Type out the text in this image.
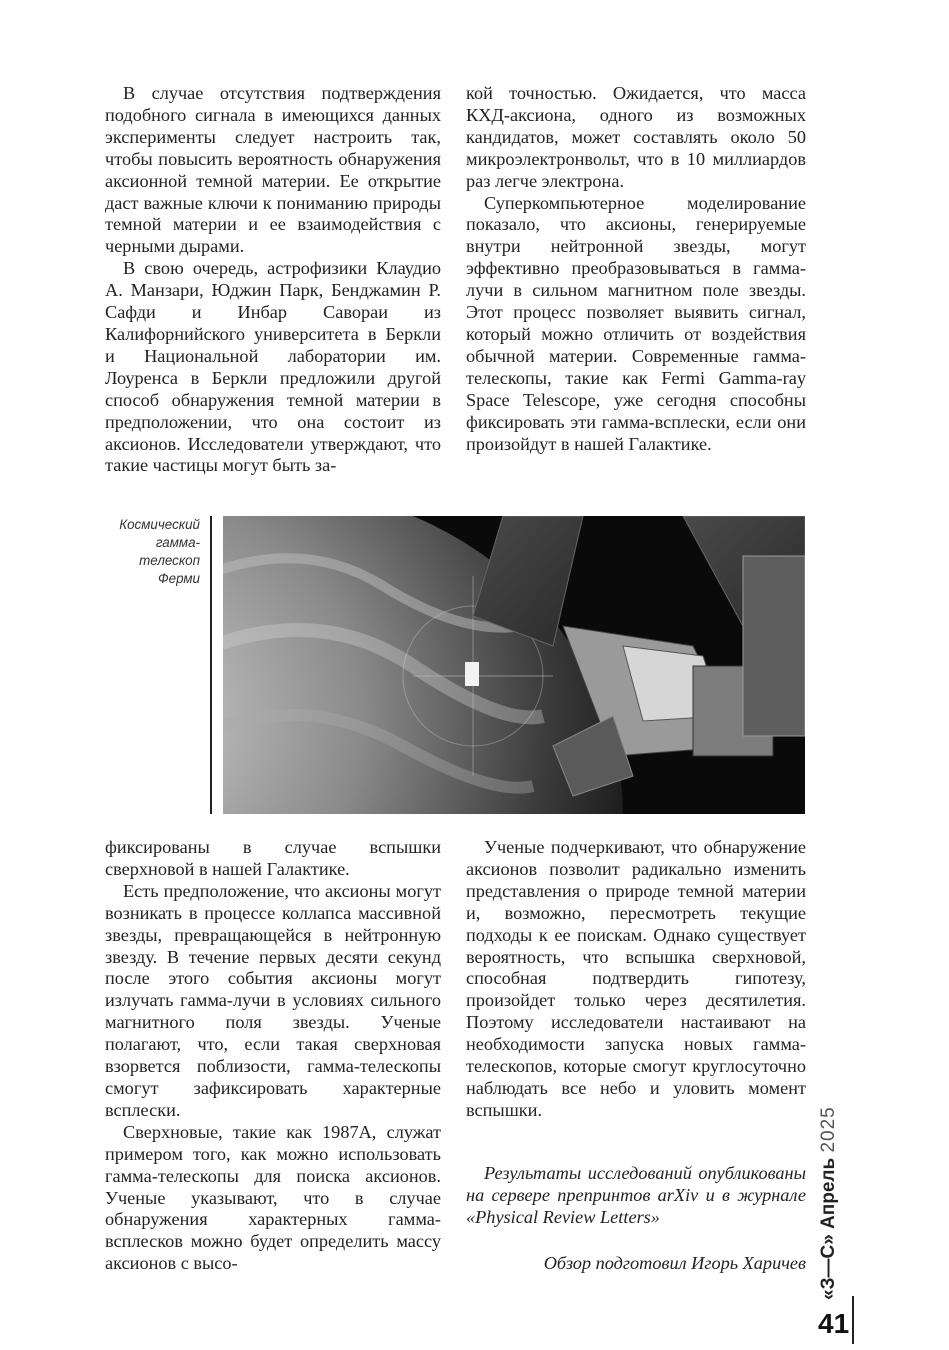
В случае отсутствия подтверждения подобного сигнала в имеющихся данных эксперименты следует настроить так, чтобы повысить вероятность обнаружения аксионной темной материи. Ее открытие даст важные ключи к пониманию природы темной материи и ее взаимодействия с черными дырами.

В свою очередь, астрофизики Клаудио А. Манзари, Юджин Парк, Бенджамин Р. Сафди и Инбар Савораи из Калифорнийского университета в Беркли и Национальной лаборатории им. Лоуренса в Беркли предложили другой способ обнаружения темной материи в предположении, что она состоит из аксионов. Исследователи утверждают, что такие частицы могут быть за-

кой точностью. Ожидается, что масса КХД-аксиона, одного из возможных кандидатов, может составлять около 50 микроэлектронвольт, что в 10 миллиардов раз легче электрона.

Суперкомпьютерное моделирование показало, что аксионы, генерируемые внутри нейтронной звезды, могут эффективно преобразовываться в гамма-лучи в сильном магнитном поле звезды. Этот процесс позволяет выявить сигнал, который можно отличить от воздействия обычной материи. Современные гамма-телескопы, такие как Fermi Gamma-ray Space Telescope, уже сегодня способны фиксировать эти гамма-всплески, если они произойдут в нашей Галактике.

Космический гамма-телескоп Ферми

фиксированы в случае вспышки сверхновой в нашей Галактике.

Есть предположение, что аксионы могут возникать в процессе коллапса массивной звезды, превращающейся в нейтронную звезду. В течение первых десяти секунд после этого события аксионы могут излучать гамма-лучи в условиях сильного магнитного поля звезды. Ученые полагают, что, если такая сверхновая взорвется поблизости, гамма-телескопы смогут зафиксировать характерные всплески.

Сверхновые, такие как 1987A, служат примером того, как можно использовать гамма-телескопы для поиска аксионов. Ученые указывают, что в случае обнаружения характерных гамма-всплесков можно будет определить массу аксионов с высо-

Ученые подчеркивают, что обнаружение аксионов позволит радикально изменить представления о природе темной материи и, возможно, пересмотреть текущие подходы к ее поискам. Однако существует вероятность, что вспышка сверхновой, способная подтвердить гипотезу, произойдет только через десятилетия. Поэтому исследователи настаивают на необходимости запуска новых гамма-телескопов, которые смогут круглосуточно наблюдать все небо и уловить момент вспышки.

Результаты исследований опубликованы на сервере препринтов arXiv и в журнале «Physical Review Letters»

Обзор подготовил Игорь Харичев «З—С» Апрель 2025
41
